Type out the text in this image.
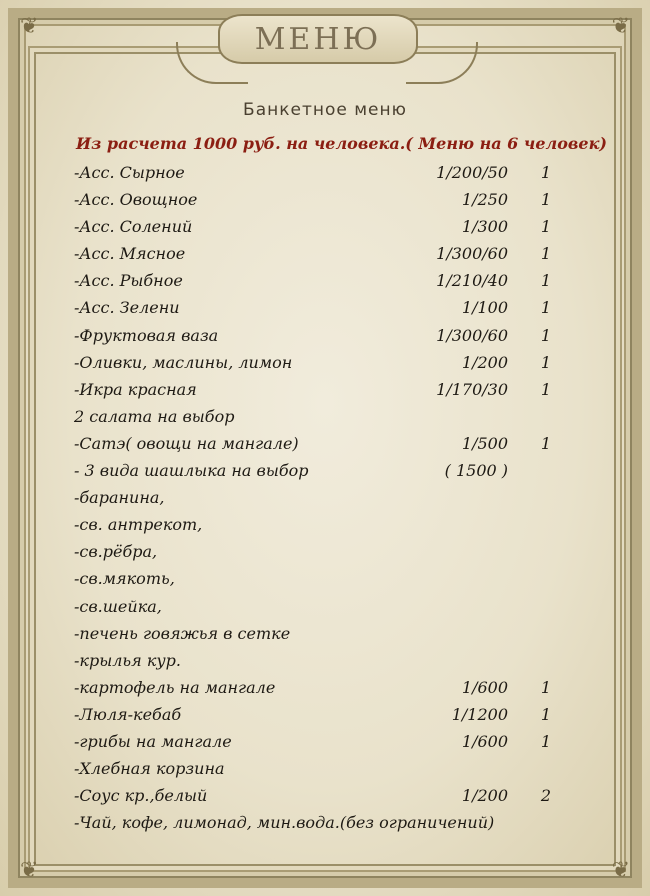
❦	❦
❦	❦
МЕНЮ
Банкетное меню
Из расчета 1000 руб. на человека.( Меню на 6 человек)
-Асс. Сырное	1/200/50	1
-Асс. Овощное	1/250	1
-Асс. Солений	1/300	1
-Асс. Мясное	1/300/60	1
-Асс. Рыбное	1/210/40	1
-Асс. Зелени	1/100	1
-Фруктовая ваза	1/300/60	1
-Оливки, маслины, лимон	1/200	1
-Икра красная	1/170/30	1
2 салата на выбор
-Сатэ( овощи на мангале)	1/500	1
- 3 вида шашлыка на выбор	( 1500 )
-баранина,
-св. антрекот,
-св.рёбра,
-св.мякоть,
-св.шейка,
-печень говяжья в сетке
-крылья кур.
-картофель на мангале	1/600	1
-Люля-кебаб	1/1200	1
-грибы на мангале	1/600	1
-Хлебная корзина
-Соус кр.,белый	1/200	2
-Чай, кофе, лимонад, мин.вода.(без ограничений)
